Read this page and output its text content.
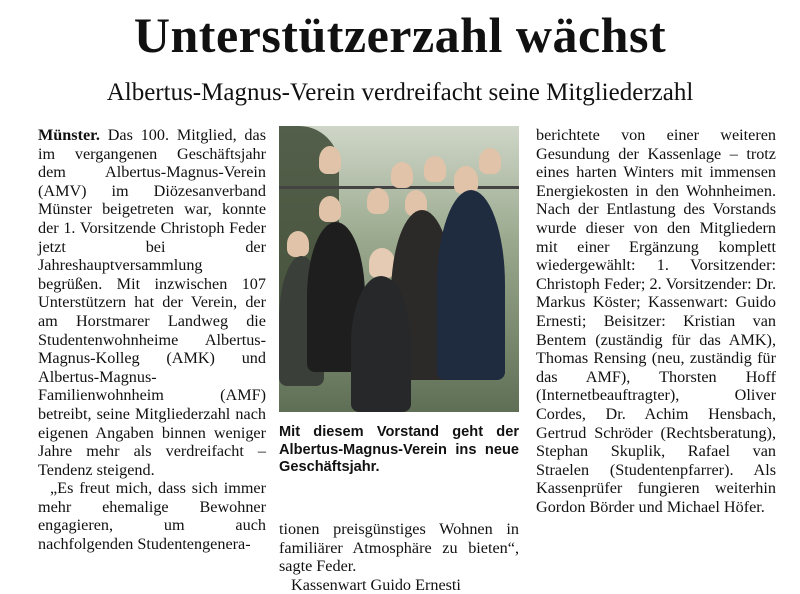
Unterstützerzahl wächst
Albertus-Magnus-Verein verdreifacht seine Mitgliederzahl

Münster. Das 100. Mitglied, das im vergangenen Geschäftsjahr dem Albertus-Magnus-Verein (AMV) im Diözesanverband Münster beigetreten war, konnte der 1. Vorsitzende Christoph Feder jetzt bei der Jahreshauptversammlung begrüßen. Mit inzwischen 107 Unterstützern hat der Verein, der am Horstmarer Landweg die Studentenwohnheime Albertus-Magnus-Kolleg (AMK) und Albertus-Magnus-Familienwohnheim (AMF) betreibt, seine Mitgliederzahl nach eigenen Angaben binnen weniger Jahre mehr als verdreifacht – Tendenz steigend.

„Es freut mich, dass sich immer mehr ehemalige Bewohner engagieren, um auch nachfolgenden Studentengenera-

Mit diesem Vorstand geht der Albertus-Magnus-Verein ins neue Geschäftsjahr.

tionen preisgünstiges Wohnen in familiärer Atmosphäre zu bieten“, sagte Feder.

Kassenwart Guido Ernesti

berichtete von einer weiteren Gesundung der Kassenlage – trotz eines harten Winters mit immensen Energiekosten in den Wohnheimen. Nach der Entlastung des Vorstands wurde dieser von den Mitgliedern mit einer Ergänzung komplett wiedergewählt: 1. Vorsitzender: Christoph Feder; 2. Vorsitzender: Dr. Markus Köster; Kassenwart: Guido Ernesti; Beisitzer: Kristian van Bentem (zuständig für das AMK), Thomas Rensing (neu, zuständig für das AMF), Thorsten Hoff (Internetbeauftragter), Oliver Cordes, Dr. Achim Hensbach, Gertrud Schröder (Rechtsberatung), Stephan Skuplik, Rafael van Straelen (Studentenpfarrer). Als Kassenprüfer fungieren weiterhin Gordon Börder und Michael Höfer.
